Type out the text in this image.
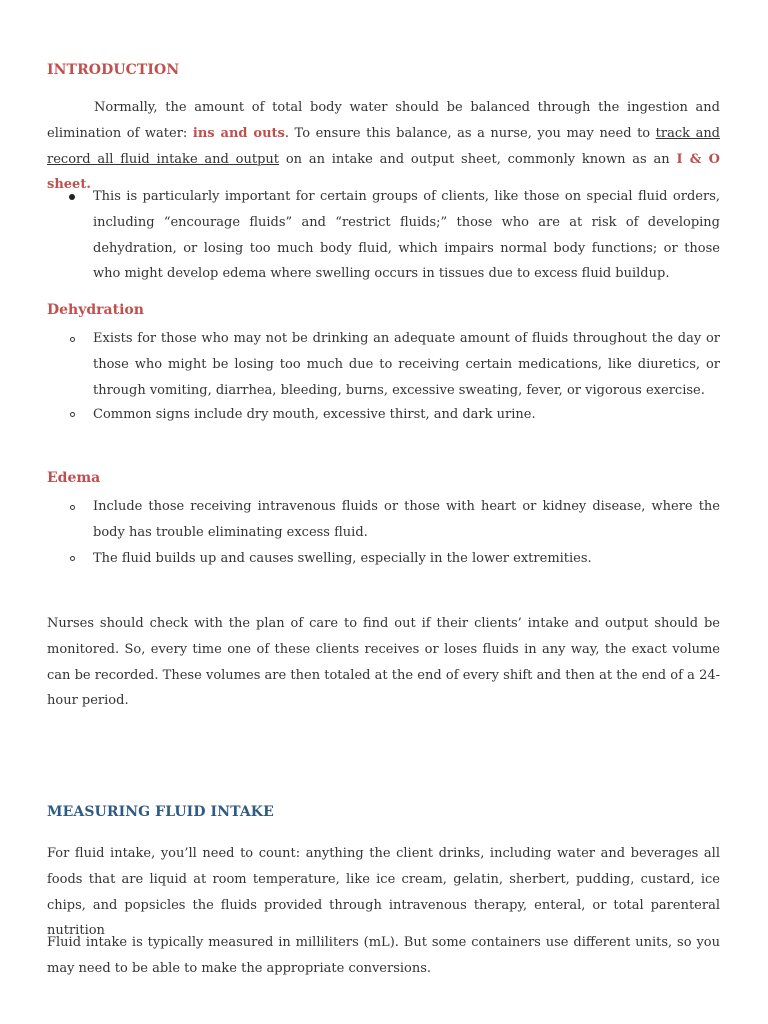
INTRODUCTION

Normally, the amount of total body water should be balanced through the ingestion and elimination of water: ins and outs. To ensure this balance, as a nurse, you may need to track and record all fluid intake and output on an intake and output sheet, commonly known as an I & O sheet.

This is particularly important for certain groups of clients, like those on special fluid orders, including “encourage fluids” and “restrict fluids;” those who are at risk of developing dehydration, or losing too much body fluid, which impairs normal body functions; or those who might develop edema where swelling occurs in tissues due to excess fluid buildup.

Dehydration

Exists for those who may not be drinking an adequate amount of fluids throughout the day or those who might be losing too much due to receiving certain medications, like diuretics, or through vomiting, diarrhea, bleeding, burns, excessive sweating, fever, or vigorous exercise.

Common signs include dry mouth, excessive thirst, and dark urine.

Edema

Include those receiving intravenous fluids or those with heart or kidney disease, where the body has trouble eliminating excess fluid.

The fluid builds up and causes swelling, especially in the lower extremities.

Nurses should check with the plan of care to find out if their clients’ intake and output should be monitored. So, every time one of these clients receives or loses fluids in any way, the exact volume can be recorded. These volumes are then totaled at the end of every shift and then at the end of a 24-hour period.

MEASURING FLUID INTAKE

For fluid intake, you’ll need to count: anything the client drinks, including water and beverages all foods that are liquid at room temperature, like ice cream, gelatin, sherbert, pudding, custard, ice chips, and popsicles the fluids provided through intravenous therapy, enteral, or total parenteral nutrition

Fluid intake is typically measured in milliliters (mL). But some containers use different units, so you may need to be able to make the appropriate conversions.
